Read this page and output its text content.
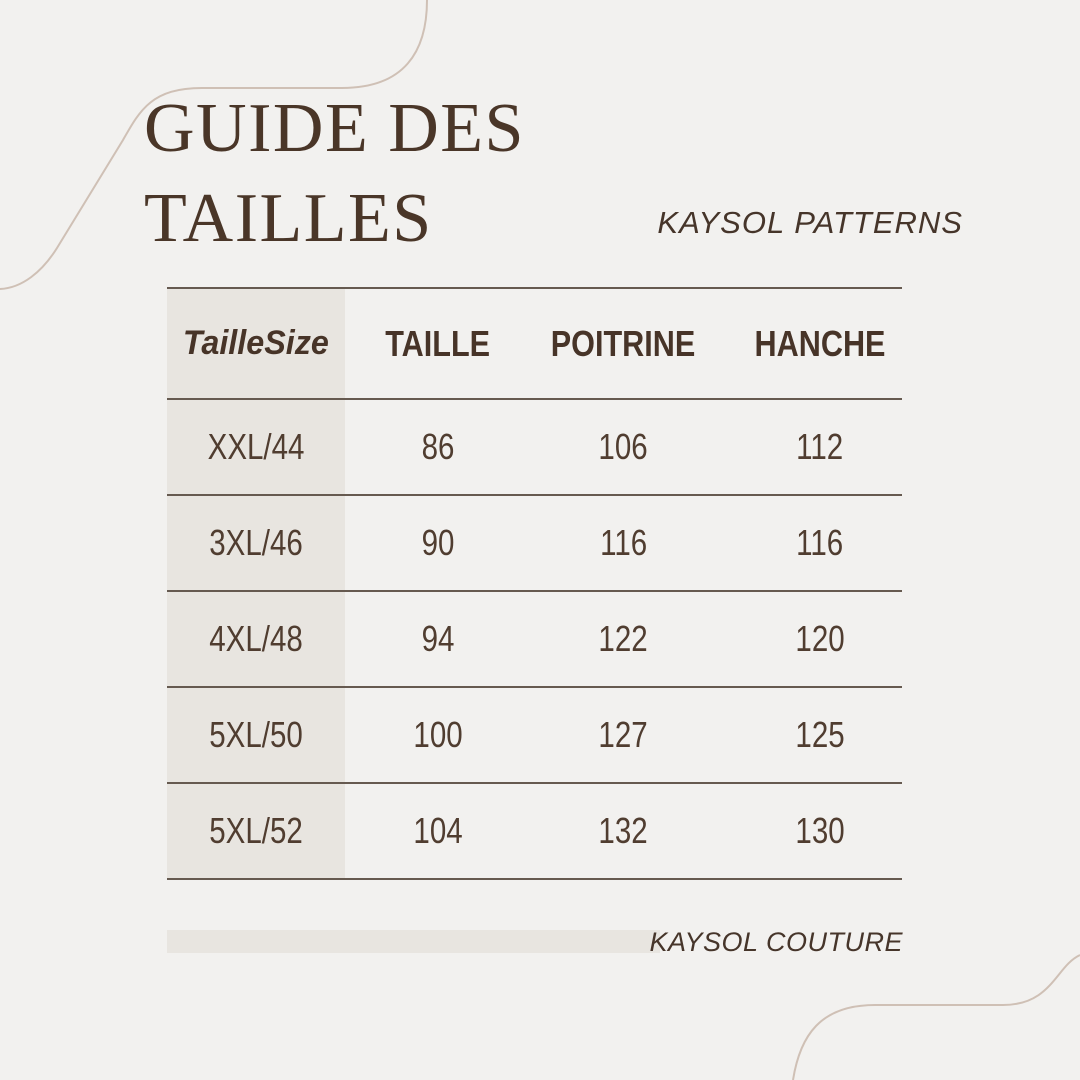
GUIDE DES
TAILLES	KAYSOL PATTERNS
TailleSize TAILLE POITRINE HANCHE
XXL/44	86	106	112
3XL/46	90	116	116
4XL/48	94	122	120
5XL/50	100	127	125
5XL/52	104	132	130
KAYSOL COUTURE
